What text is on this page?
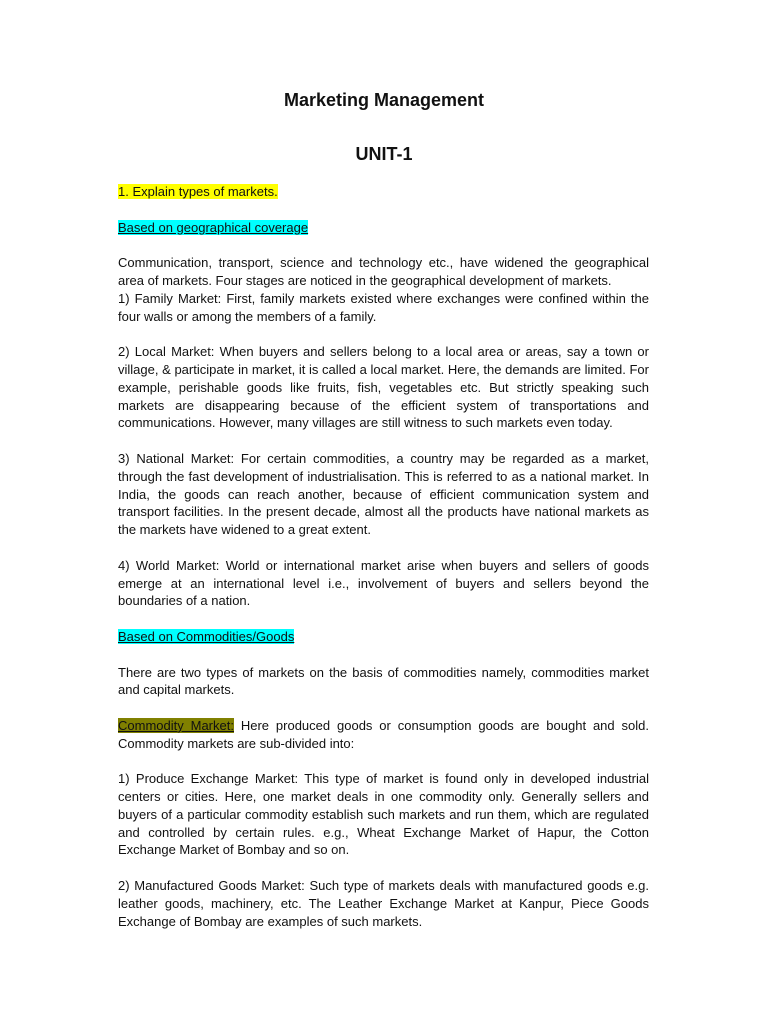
Marketing Management
UNIT-1

1. Explain types of markets.

Based on geographical coverage

Communication, transport, science and technology etc., have widened the geographical area of markets. Four stages are noticed in the geographical development of markets.

1) Family Market: First, family markets existed where exchanges were confined within the four walls or among the members of a family.

2) Local Market: When buyers and sellers belong to a local area or areas, say a town or village, & participate in market, it is called a local market. Here, the demands are limited. For example, perishable goods like fruits, fish, vegetables etc. But strictly speaking such markets are disappearing because of the efficient system of transportations and communications. However, many villages are still witness to such markets even today.

3) National Market: For certain commodities, a country may be regarded as a market, through the fast development of industrialisation. This is referred to as a national market. In India, the goods can reach another, because of efficient communication system and transport facilities. In the present decade, almost all the products have national markets as the markets have widened to a great extent.

4) World Market: World or international market arise when buyers and sellers of goods emerge at an international level i.e., involvement of buyers and sellers beyond the boundaries of a nation.

Based on Commodities/Goods

There are two types of markets on the basis of commodities namely, commodities market and capital markets.

Commodity Market: Here produced goods or consumption goods are bought and sold. Commodity markets are sub-divided into:

1) Produce Exchange Market: This type of market is found only in developed industrial centers or cities. Here, one market deals in one commodity only. Generally sellers and buyers of a particular commodity establish such markets and run them, which are regulated and controlled by certain rules. e.g., Wheat Exchange Market of Hapur, the Cotton Exchange Market of Bombay and so on.

2) Manufactured Goods Market: Such type of markets deals with manufactured goods e.g. leather goods, machinery, etc. The Leather Exchange Market at Kanpur, Piece Goods Exchange of Bombay are examples of such markets.
